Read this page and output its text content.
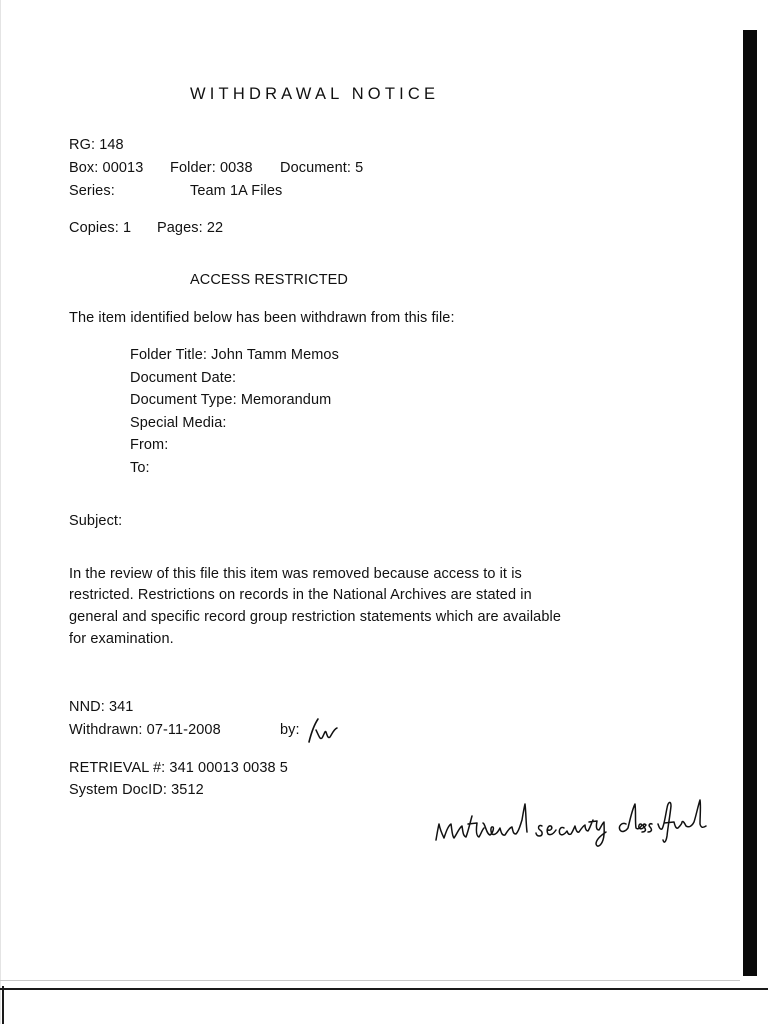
WITHDRAWAL NOTICE
RG: 148
Box: 00013 Folder: 0038 Document: 5
Series:	Team 1A Files
Copies: 1 Pages: 22
ACCESS RESTRICTED
The item identified below has been withdrawn from this file:
Folder Title: John Tamm Memos
Document Date:
Document Type: Memorandum
Special Media:
From:
To:
Subject:
In the review of this file this item was removed because access to it is
restricted. Restrictions on records in the National Archives are stated in
general and specific record group restriction statements which are available
for examination.
NND: 341
Withdrawn: 07-11-2008	by:
RETRIEVAL #: 341 00013 0038 5
System DocID: 3512
